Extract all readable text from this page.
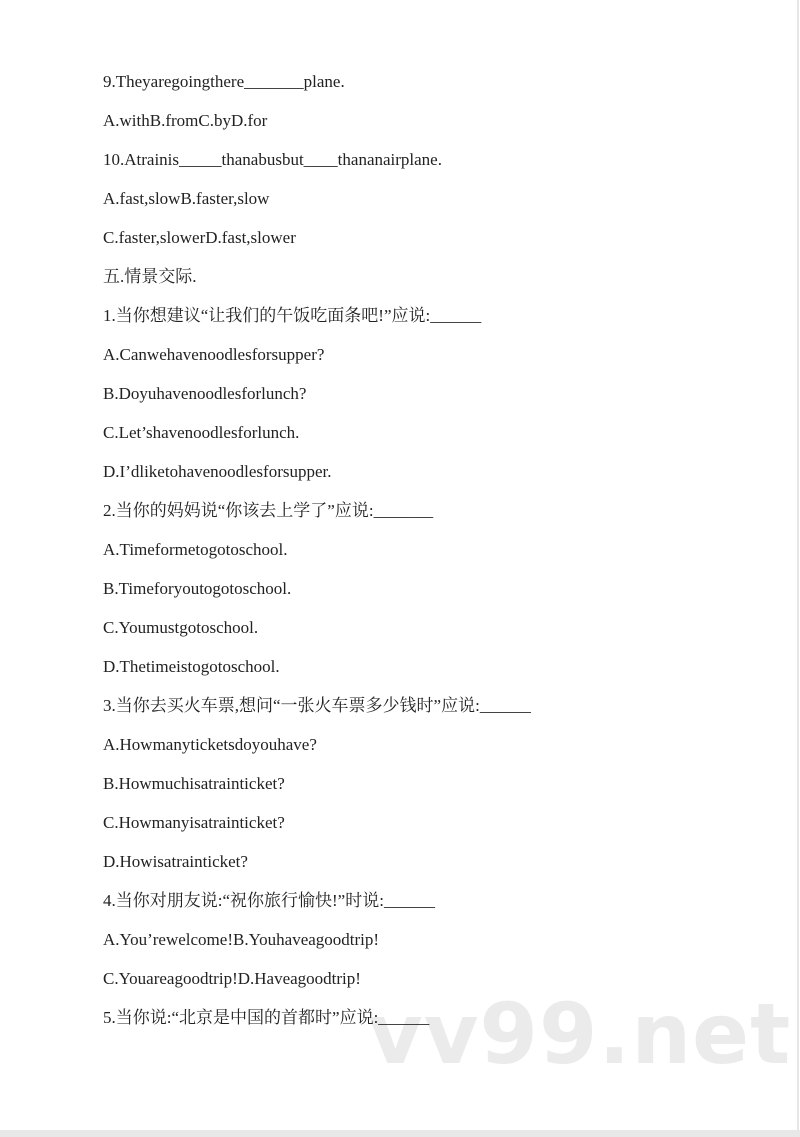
vv99.net
9.Theyaregoingthere_______plane.
A.withB.fromC.byD.for
10.Atrainis_____thanabusbut____thananairplane.
A.fast,slowB.faster,slow
C.faster,slowerD.fast,slower
五.情景交际.
1.当你想建议“让我们的午饭吃面条吧!”应说:______
A.Canwehavenoodlesforsupper?
B.Doyuhavenoodlesforlunch?
C.Let’shavenoodlesforlunch.
D.I’dliketohavenoodlesforsupper.
2.当你的妈妈说“你该去上学了”应说:_______
A.Timeformetogotoschool.
B.Timeforyoutogotoschool.
C.Youmustgotoschool.
D.Thetimeistogotoschool.
3.当你去买火车票,想问“一张火车票多少钱时”应说:______
A.Howmanyticketsdoyouhave?
B.Howmuchisatrainticket?
C.Howmanyisatrainticket?
D.Howisatrainticket?
4.当你对朋友说:“祝你旅行愉快!”时说:______
A.You’rewelcome!B.Youhaveagoodtrip!
C.Youareagoodtrip!D.Haveagoodtrip!
5.当你说:“北京是中国的首都时”应说:______
